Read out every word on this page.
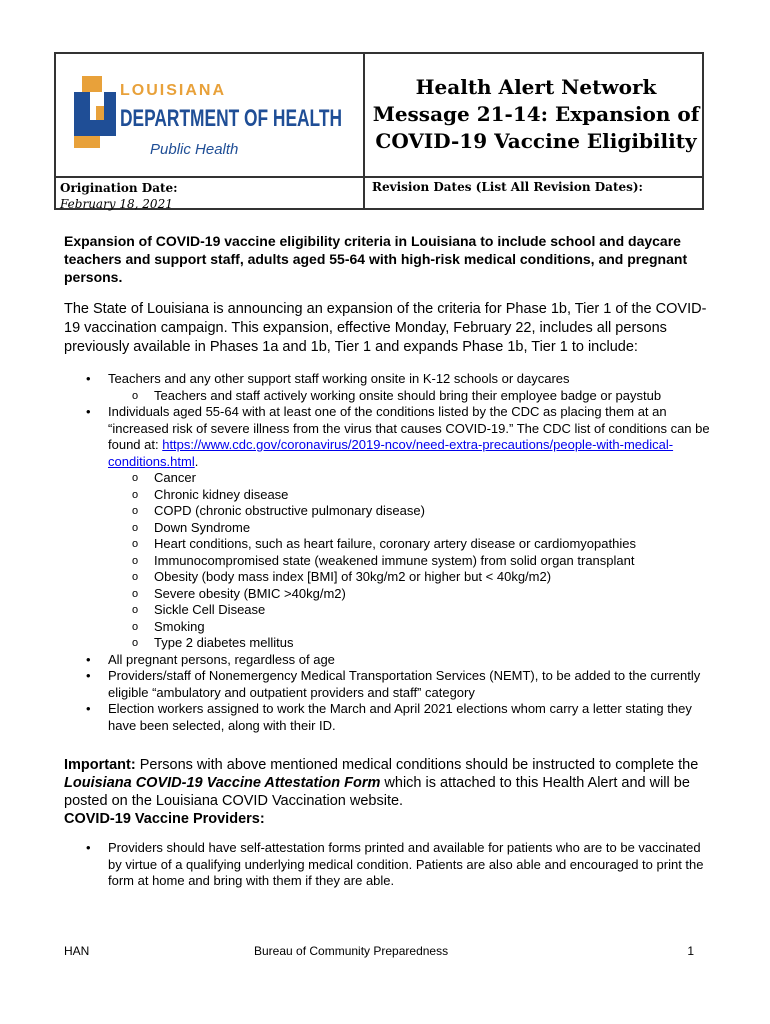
LOUISIANA
DEPARTMENT OF HEALTH
Public Health
Health Alert Network Message 21-14: Expansion of COVID-19 Vaccine Eligibility
Origination Date:
February 18, 2021
Revision Dates (List All Revision Dates):

Expansion of COVID-19 vaccine eligibility criteria in Louisiana to include school and daycare teachers and support staff, adults aged 55-64 with high-risk medical conditions, and pregnant persons.

The State of Louisiana is announcing an expansion of the criteria for Phase 1b, Tier 1 of the COVID-19 vaccination campaign. This expansion, effective Monday, February 22, includes all persons previously available in Phases 1a and 1b, Tier 1 and expands Phase 1b, Tier 1 to include:

• Teachers and any other support staff working onsite in K-12 schools or daycares
o Teachers and staff actively working onsite should bring their employee badge or paystub
• Individuals aged 55-64 with at least one of the conditions listed by the CDC as placing them at an “increased risk of severe illness from the virus that causes COVID-19.” The CDC list of conditions can be found at: https://www.cdc.gov/coronavirus/2019-ncov/need-extra-precautions/people-with-medical-conditions.html.
o Cancer
o Chronic kidney disease
o COPD (chronic obstructive pulmonary disease)
o Down Syndrome
o Heart conditions, such as heart failure, coronary artery disease or cardiomyopathies
o Immunocompromised state (weakened immune system) from solid organ transplant
o Obesity (body mass index [BMI] of 30kg/m2 or higher but < 40kg/m2)
o Severe obesity (BMIC >40kg/m2)
o Sickle Cell Disease
o Smoking
o Type 2 diabetes mellitus
• All pregnant persons, regardless of age
• Providers/staff of Nonemergency Medical Transportation Services (NEMT), to be added to the currently eligible “ambulatory and outpatient providers and staff” category
• Election workers assigned to work the March and April 2021 elections whom carry a letter stating they have been selected, along with their ID.

Important: Persons with above mentioned medical conditions should be instructed to complete the Louisiana COVID-19 Vaccine Attestation Form which is attached to this Health Alert and will be posted on the Louisiana COVID Vaccination website.

COVID-19 Vaccine Providers:

• Providers should have self-attestation forms printed and available for patients who are to be vaccinated by virtue of a qualifying underlying medical condition. Patients are also able and encouraged to print the form at home and bring with them if they are able.
HAN	Bureau of Community Preparedness	1
